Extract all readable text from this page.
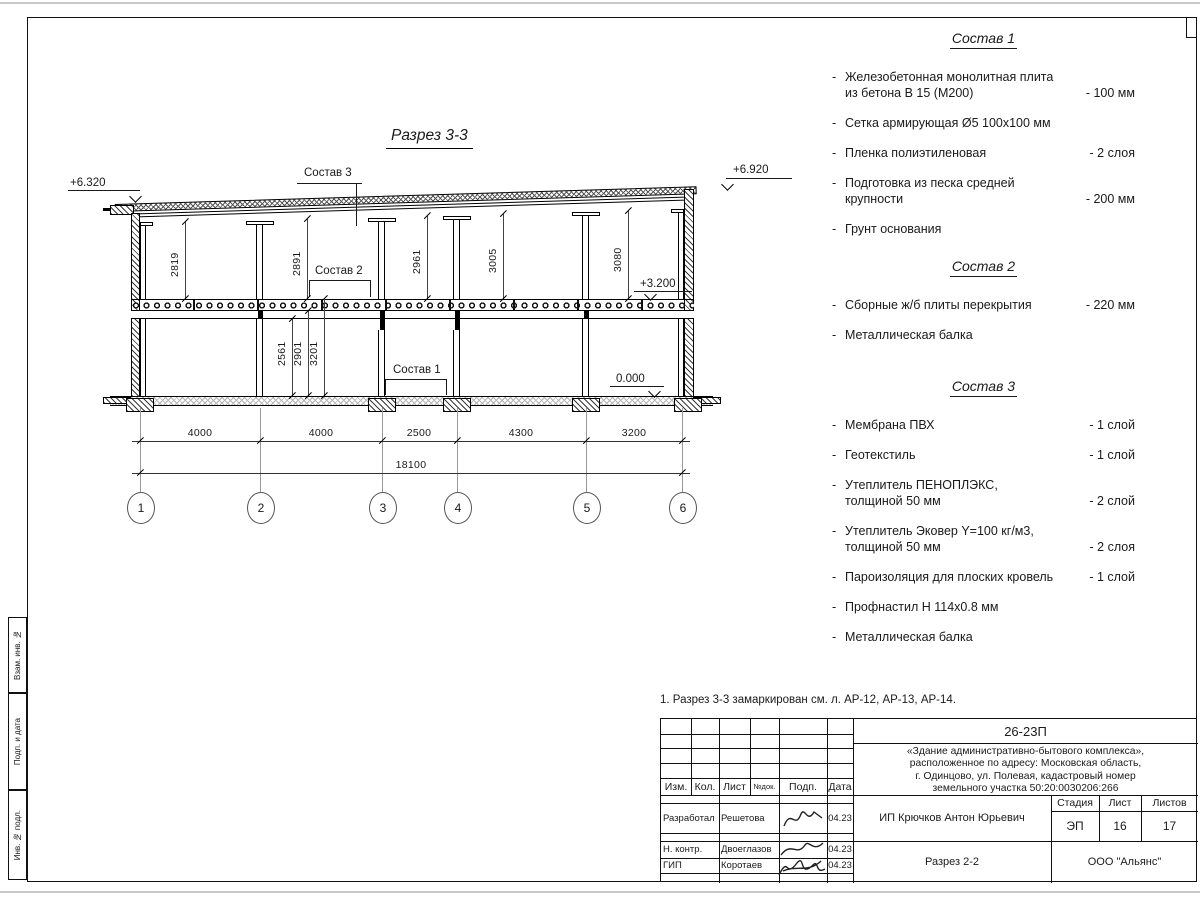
Взам. инв. №
Подп. и дата
Инв. № подл.
Разрез 3-3
Состав 3
Состав 2
Состав 1
+6.320
+6.920
+3.200
0.000
2819	2891	2961	3005	3080
2561 2901 3201
4000	4000	2500	4300	3200
18100
1	2	3	4	5	6
Состав 1
- Железобетонная монолитная плита
из бетона В 15 (М200)	- 100 мм
- Сетка армирующая Ø5 100х100 мм
- Пленка полиэтиленовая	- 2 слоя
- Подготовка из песка средней
крупности	- 200 мм
- Грунт основания
Состав 2
- Сборные ж/б плиты перекрытия	- 220 мм
- Металлическая балка
Состав 3
- Мембрана ПВХ	- 1 слой
- Геотекстиль	- 1 слой
- Утеплитель ПЕНОПЛЭКС,
толщиной 50 мм	- 2 слой
- Утеплитель Эковер Y=100 кг/м3,
толщиной 50 мм	- 2 слоя
- Пароизоляция для плоских кровель	- 1 слой
- Профнастил Н 114х0.8 мм
- Металлическая балка
1. Разрез 3-3 замаркирован см. л. АР-12, АР-13, АР-14.
Изм. Кол. Лист	№док.	Подп.	Дата
Разработал Решетова	04.23
Н. контр.	Двоеглазов	04.23
ГИП	Коротаев	04.23
26-23П
«Здание административно-бытового комплекса»,
расположенное по адресу: Московская область,
г. Одинцово, ул. Полевая, кадастровый номер
земельного участка 50:20:0030206:266
ИП Крючков Антон Юрьевич
Разрез 2-2
Стадия	Лист	Листов
ЭП	16	17
ООО "Альянс"
